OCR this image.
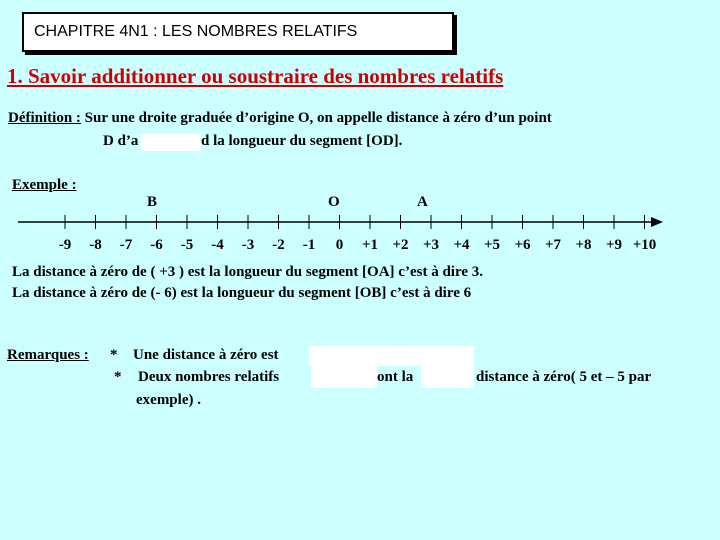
CHAPITRE 4N1 : LES NOMBRES RELATIFS
1. Savoir additionner ou soustraire des nombres relatifs
Définition : Sur une droite graduée d’origine O, on appelle distance à zéro d’un point
D d’a	d la longueur du segment [OD].
Exemple :
B	O	A
-9 -8 -7 -6 -5 -4 -3 -2 -1 0 +1 +2 +3 +4 +5 +6 +7 +8 +9 +10
La distance à zéro de ( +3 ) est la longueur du segment [OA] c’est à dire 3.
La distance à zéro de (- 6) est la longueur du segment [OB] c’est à dire 6
Remarques : * Une distance à zéro est
* Deux nombres relatifs	ont la	distance à zéro( 5 et – 5 par
exemple) .
